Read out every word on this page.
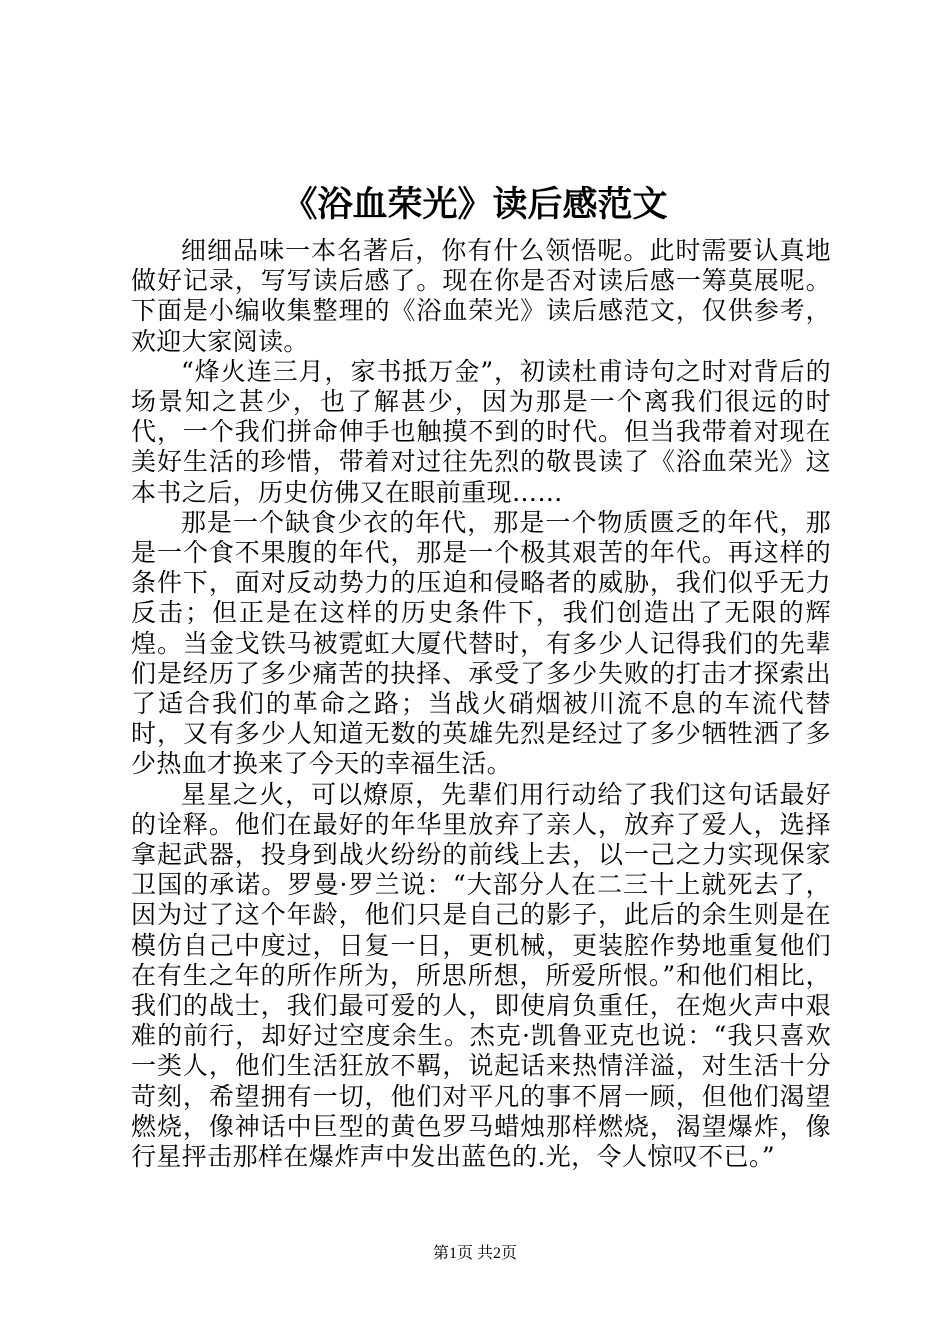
《浴血荣光》读后感范文

细细品味一本名著后，你有什么领悟呢。此时需要认真地做好记录，写写读后感了。现在你是否对读后感一筹莫展呢。下面是小编收集整理的《浴血荣光》读后感范文，仅供参考，欢迎大家阅读。

“烽火连三月，家书抵万金”，初读杜甫诗句之时对背后的场景知之甚少，也了解甚少，因为那是一个离我们很远的时代，一个我们拼命伸手也触摸不到的时代。但当我带着对现在美好生活的珍惜，带着对过往先烈的敬畏读了《浴血荣光》这本书之后，历史仿佛又在眼前重现……

那是一个缺食少衣的年代，那是一个物质匮乏的年代，那是一个食不果腹的年代，那是一个极其艰苦的年代。再这样的条件下，面对反动势力的压迫和侵略者的威胁，我们似乎无力反击；但正是在这样的历史条件下，我们创造出了无限的辉煌。当金戈铁马被霓虹大厦代替时，有多少人记得我们的先辈们是经历了多少痛苦的抉择、承受了多少失败的打击才探索出了适合我们的革命之路；当战火硝烟被川流不息的车流代替时，又有多少人知道无数的英雄先烈是经过了多少牺牲洒了多少热血才换来了今天的幸福生活。

星星之火，可以燎原，先辈们用行动给了我们这句话最好的诠释。他们在最好的年华里放弃了亲人，放弃了爱人，选择拿起武器，投身到战火纷纷的前线上去，以一己之力实现保家卫国的承诺。罗曼·罗兰说：“大部分人在二三十上就死去了，因为过了这个年龄，他们只是自己的影子，此后的余生则是在模仿自己中度过，日复一日，更机械，更装腔作势地重复他们在有生之年的所作所为，所思所想，所爱所恨。”和他们相比，我们的战士，我们最可爱的人，即使肩负重任，在炮火声中艰难的前行，却好过空度余生。杰克·凯鲁亚克也说：“我只喜欢一类人，他们生活狂放不羁，说起话来热情洋溢，对生活十分苛刻，希望拥有一切，他们对平凡的事不屑一顾，但他们渴望燃烧，像神话中巨型的黄色罗马蜡烛那样燃烧，渴望爆炸，像行星抨击那样在爆炸声中发出蓝色的.光，令人惊叹不已。”

第1页 共2页
